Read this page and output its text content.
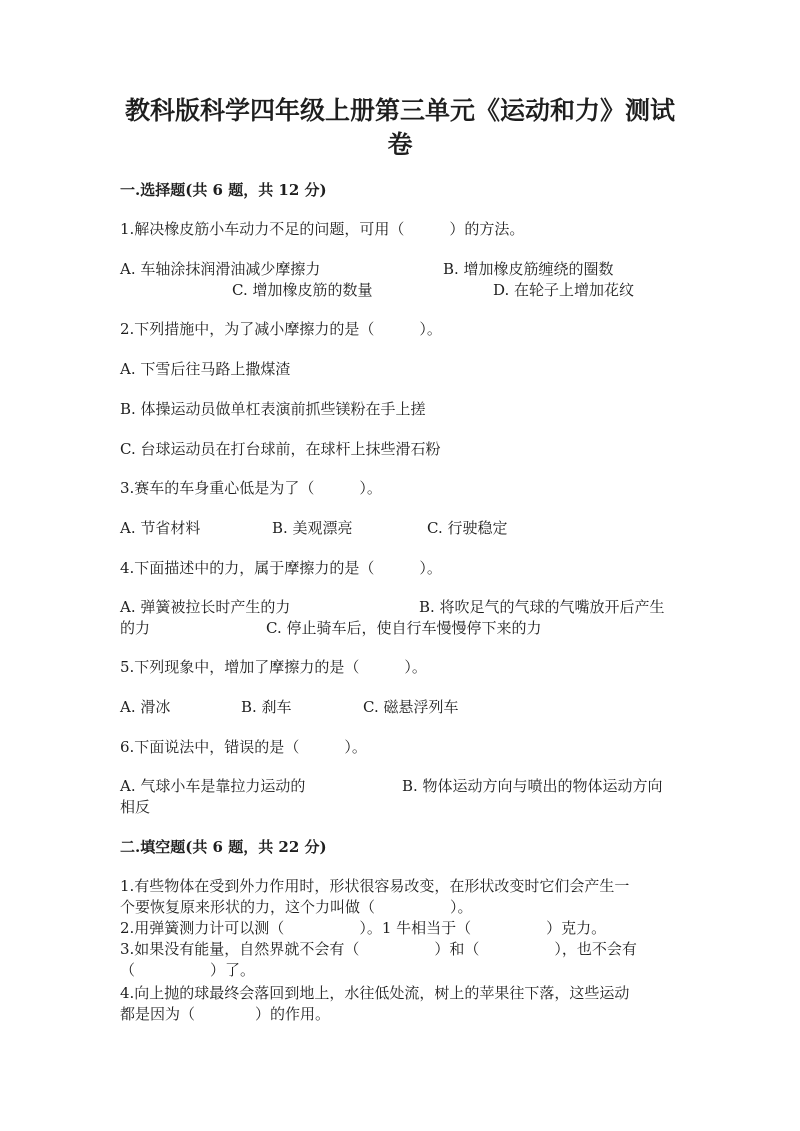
教科版科学四年级上册第三单元《运动和力》测试
卷
一.选择题(共 6 题，共 12 分)
1.解决橡皮筋小车动力不足的问题，可用（　　　）的方法。
A. 车轴涂抹润滑油减少摩擦力	B. 增加橡皮筋缠绕的圈数
C. 增加橡皮筋的数量	D. 在轮子上增加花纹
2.下列措施中，为了减小摩擦力的是（　　　）。
A. 下雪后往马路上撒煤渣
B. 体操运动员做单杠表演前抓些镁粉在手上搓
C. 台球运动员在打台球前，在球杆上抹些滑石粉
3.赛车的车身重心低是为了（　　　）。
A. 节省材料	B. 美观漂亮	C. 行驶稳定
4.下面描述中的力，属于摩擦力的是（　　　）。
A. 弹簧被拉长时产生的力	B. 将吹足气的气球的气嘴放开后产生
的力	C. 停止骑车后，使自行车慢慢停下来的力
5.下列现象中，增加了摩擦力的是（　　　）。
A. 滑冰	B. 刹车	C. 磁悬浮列车
6.下面说法中，错误的是（　　　）。
A. 气球小车是靠拉力运动的	B. 物体运动方向与喷出的物体运动方向
相反
二.填空题(共 6 题，共 22 分)
1.有些物体在受到外力作用时，形状很容易改变，在形状改变时它们会产生一
个要恢复原来形状的力，这个力叫做（　　　　　）。
2.用弹簧测力计可以测（　　　　　）。1 牛相当于（　　　　　）克力。
3.如果没有能量，自然界就不会有（　　　　　）和（　　　　　），也不会有
（　　　　　）了。
4.向上抛的球最终会落回到地上，水往低处流，树上的苹果往下落，这些运动
都是因为（　　　　）的作用。
